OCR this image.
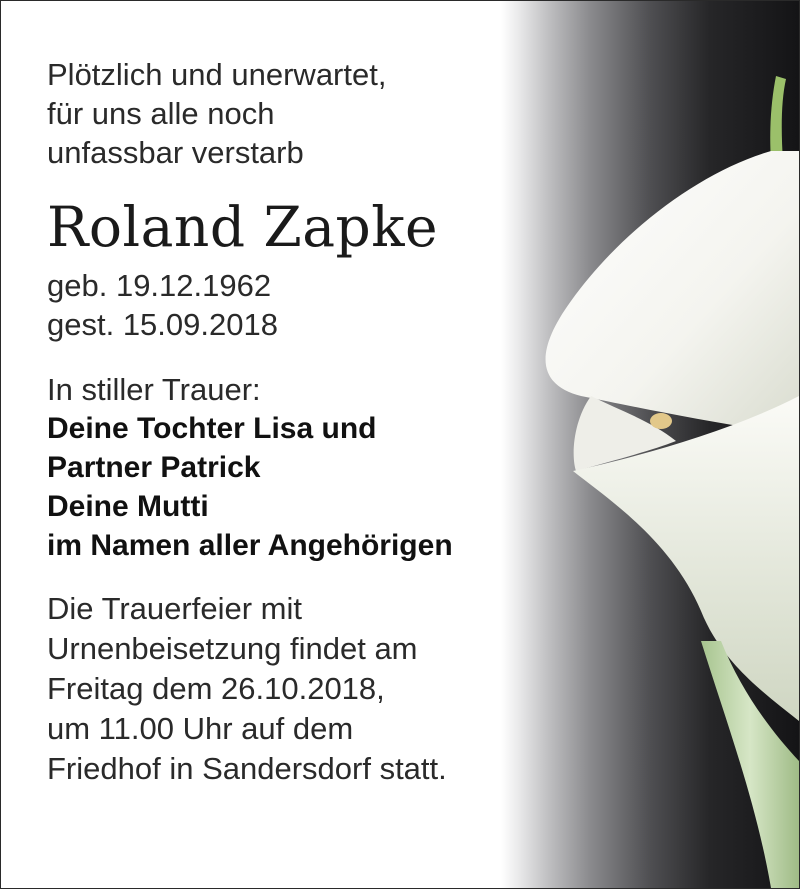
Plötzlich und unerwartet,
für uns alle noch
unfassbar verstarb

Roland Zapke

geb. 19.12.1962
gest. 15.09.2018

In stiller Trauer:
Deine Tochter Lisa und
Partner Patrick
Deine Mutti
im Namen aller Angehörigen
Die Trauerfeier mit
Urnenbeisetzung findet am
Freitag dem 26.10.2018,
um 11.00 Uhr auf dem
Friedhof in Sandersdorf statt.
